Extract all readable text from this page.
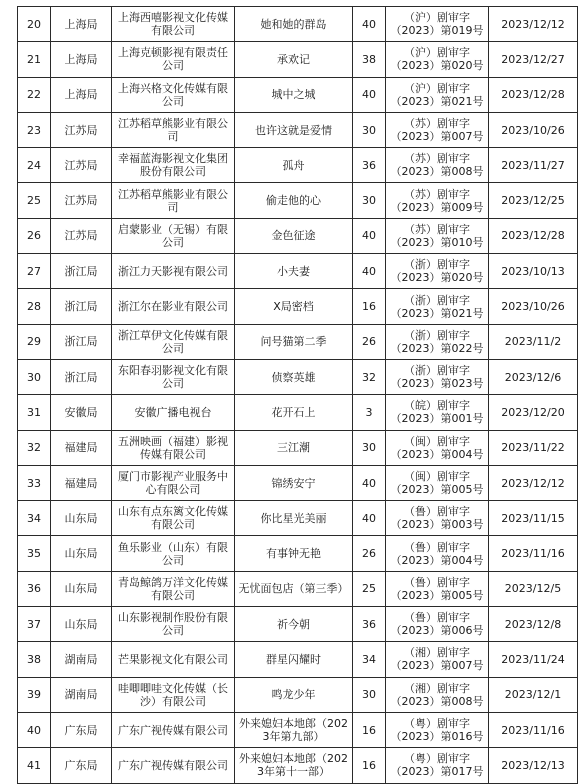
20	上海局	上海西嘻影视文化传媒有限公司	她和她的群岛	40	（沪）剧审字
（2023）第019号	2023/12/12
21	上海局	上海克顿影视有限责任公司	承欢记	38	（沪）剧审字
（2023）第020号	2023/12/27
22	上海局	上海兴格文化传媒有限公司	城中之城	40	（沪）剧审字
（2023）第021号	2023/12/28
23	江苏局	江苏稻草熊影业有限公司	也许这就是爱情	30	（苏）剧审字
（2023）第007号	2023/10/26
24	江苏局	幸福蓝海影视文化集团股份有限公司	孤舟	36	（苏）剧审字
（2023）第008号	2023/11/27
25	江苏局	江苏稻草熊影业有限公司	偷走他的心	30	（苏）剧审字
（2023）第009号	2023/12/25
26	江苏局	启蒙影业（无锡）有限公司	金色征途	40	（苏）剧审字
（2023）第010号	2023/12/28
27	浙江局	浙江力天影视有限公司	小夫妻	40	（浙）剧审字
（2023）第020号	2023/10/13
28	浙江局	浙江尔在影业有限公司	X局密档	16	（浙）剧审字
（2023）第021号	2023/10/26
29	浙江局	浙江草伊文化传媒有限公司	问号猫第二季	26	（浙）剧审字
（2023）第022号	2023/11/2
30	浙江局	东阳春羽影视文化有限公司	侦察英雄	32	（浙）剧审字
（2023）第023号	2023/12/6
31	安徽局	安徽广播电视台	花开石上	3	（皖）剧审字
（2023）第001号	2023/12/20
32	福建局	五洲映画（福建）影视传媒有限公司	三江潮	30	（闽）剧审字
（2023）第004号	2023/11/22
33	福建局	厦门市影视产业服务中心有限公司	锦绣安宁	40	（闽）剧审字
（2023）第005号	2023/12/12
34	山东局	山东有点东篱文化传媒有限公司	你比星光美丽	40	（鲁）剧审字
（2023）第003号	2023/11/15
35	山东局	鱼乐影业（山东）有限公司	有事钟无艳	26	（鲁）剧审字
（2023）第004号	2023/11/16
36	山东局	青岛鲸鸽万洋文化传媒有限公司	无忧面包店（第三季）	25	（鲁）剧审字
（2023）第005号	2023/12/5
37	山东局	山东影视制作股份有限公司	祈今朝	36	（鲁）剧审字
（2023）第006号	2023/12/8
38	湖南局	芒果影视文化有限公司	群星闪耀时	34	（湘）剧审字
（2023）第007号	2023/11/24
39	湖南局	哇唧唧哇文化传媒（长沙）有限公司	鸣龙少年	30	（湘）剧审字
（2023）第008号	2023/12/1
40	广东局	广东广视传媒有限公司	外来媳妇本地郎（2023年第九部）	16	（粤）剧审字
（2023）第016号	2023/11/16
41	广东局	广东广视传媒有限公司	外来媳妇本地郎（2023年第十一部）	16	（粤）剧审字
（2023）第017号	2023/12/13
